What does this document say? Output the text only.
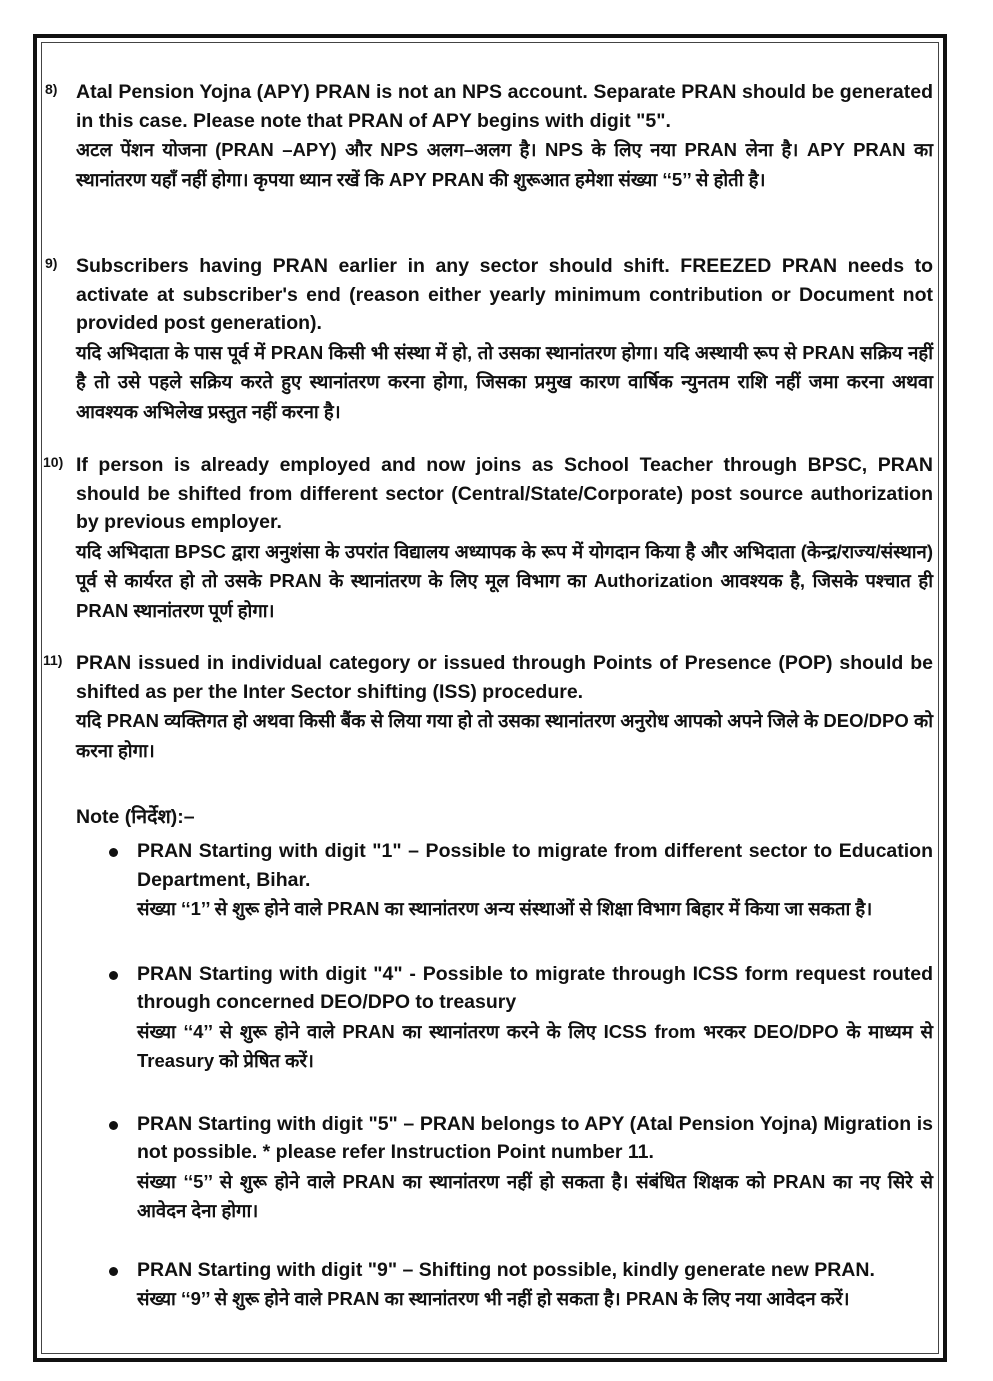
8) Atal Pension Yojna (APY) PRAN is not an NPS account. Separate PRAN should be generated in this case. Please note that PRAN of APY begins with digit "5".

अटल पेंशन योजना (PRAN –APY) और NPS अलग–अलग है। NPS के लिए नया PRAN लेना है। APY PRAN का स्थानांतरण यहाँ नहीं होगा। कृपया ध्यान रखें कि APY PRAN की शुरूआत हमेशा संख्या ‘‘5’’ से होती है।

9) Subscribers having PRAN earlier in any sector should shift. FREEZED PRAN needs to activate at subscriber's end (reason either yearly minimum contribution or Document not provided post generation).

यदि अभिदाता के पास पूर्व में PRAN किसी भी संस्था में हो, तो उसका स्थानांतरण होगा। यदि अस्थायी रूप से PRAN सक्रिय नहीं है तो उसे पहले सक्रिय करते हुए स्थानांतरण करना होगा, जिसका प्रमुख कारण वार्षिक न्युनतम राशि नहीं जमा करना अथवा आवश्यक अभिलेख प्रस्तुत नहीं करना है।

10) If person is already employed and now joins as School Teacher through BPSC, PRAN should be shifted from different sector (Central/State/Corporate) post source authorization by previous employer.

यदि अभिदाता BPSC द्वारा अनुशंसा के उपरांत विद्यालय अध्यापक के रूप में योगदान किया है और अभिदाता (केन्द्र/राज्य/संस्थान) पूर्व से कार्यरत हो तो उसके PRAN के स्थानांतरण के लिए मूल विभाग का Authorization आवश्यक है, जिसके पश्चात ही PRAN स्थानांतरण पूर्ण होगा।

11) PRAN issued in individual category or issued through Points of Presence (POP) should be shifted as per the Inter Sector shifting (ISS) procedure.

यदि PRAN व्यक्तिगत हो अथवा किसी बैंक से लिया गया हो तो उसका स्थानांतरण अनुरोध आपको अपने जिले के DEO/DPO को करना होगा।

Note (निर्देश):–

PRAN Starting with digit "1" – Possible to migrate from different sector to Education Department, Bihar.

संख्या ‘‘1’’ से शुरू होने वाले PRAN का स्थानांतरण अन्य संस्थाओं से शिक्षा विभाग बिहार में किया जा सकता है।

PRAN Starting with digit "4" - Possible to migrate through ICSS form request routed through concerned DEO/DPO to treasury

संख्या ‘‘4’’ से शुरू होने वाले PRAN का स्थानांतरण करने के लिए ICSS from भरकर DEO/DPO के माध्यम से Treasury को प्रेषित करें।

PRAN Starting with digit "5" – PRAN belongs to APY (Atal Pension Yojna) Migration is not possible. * please refer Instruction Point number 11.

संख्या ‘‘5’’ से शुरू होने वाले PRAN का स्थानांतरण नहीं हो सकता है। संबंधित शिक्षक को PRAN का नए सिरे से आवेदन देना होगा।

PRAN Starting with digit "9" – Shifting not possible, kindly generate new PRAN.

संख्या ‘‘9’’ से शुरू होने वाले PRAN का स्थानांतरण भी नहीं हो सकता है। PRAN के लिए नया आवेदन करें।
